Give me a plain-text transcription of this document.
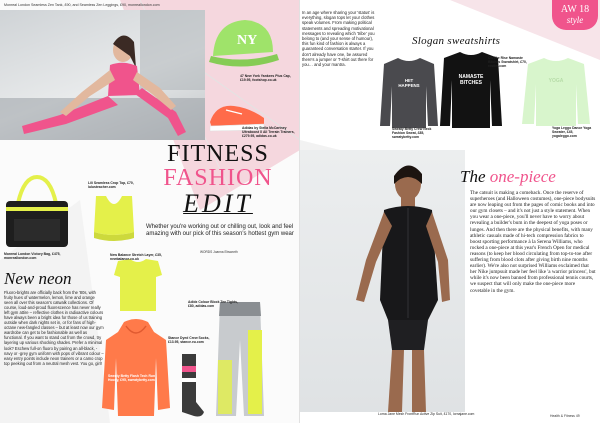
Monreal London Seamless Zen Tank, £90, and Seamless Zen Leggings, £90, monreallondon.com
NY
47 New York Yankees Plus Cap, £19.95, footshop.co.uk
Adidas by Stella McCartney Ultraboost X All Terrain Trainers, £279.95, adidas.co.uk
Monreal London Victory Bag, £475, monreallondon.com
Lili Seamless Crop Top, £70, lulusteacher.com
FITNESS
FASHION
EDIT
Whether you're working out or chilling out, look and feel amazing with our pick of this season's hottest gym wear
WORDS Joanna Ebsworth
New Balance Stretch Layer, £35, newbalance.co.uk
Adidx Colour Block Tee Tights, £80, adidas.com
Stance Dyed Crew Socks, £13.95, stance.eu.com
Sweaty Betty Flash Tech Run Hoody, £95, sweatybetty.com
New neon
Fluoro-brights are officially back from the '80s, with fruity hues of watermelon, lemon, lime and orange seen all over this season's catwalk collections. Of course, loud-and-proud fluorescence has never really left gym attire – reflective clothes in radioactive colours have always been a bright idea for those of us training outside when dark nights set in, or for fans of high-octane new-fangled classes – but at least now our gym wardrobe can get to be fashionable as well as functional. If you want to stand out from the crowd, try layering up various shocking shades. Prefer a minimal look? Eschew full-on fluoro by pairing an all-black, -navy or -grey gym uniform with pops of vibrant colour – easy entry points include neon trainers or a camo crop top peeking out from a neutral mesh vest. You go, girl!
AW 18
style
In an age where sharing your 'status' is everything, slogan tops let your clothes speak volumes. From making political statements and spreading motivational messages to revealing which 'tribe' you belong to (and your sense of humour), this fun kind of fashion is always a guaranteed conversation starter. If you don't already have one, be assured there's a jumper or T-shirt out there for you… and your mantra.
Slogan sweatshirts
HIIT HAPPENS
Sweaty Betty Crew Neck Fashion Sweat, £85, sweatybetty.com
NAMASTE BITCHES
On The Rise Namaste Bitches Sweatshirt, £70, rostler.com
YOGA
Yoga Leggo Dance Yoga Sweater, £45, yogaleggo.com
Lorna Jane Mesh FrontRun Active Zip Suit, £170, lornajane.com
The one-piece
The catsuit is making a comeback. Once the reserve of superheroes (and Halloween costumes), one-piece bodysuits are now leaping out from the pages of comic books and into our gym closets – and it's not just a style statement. When you wear a one-piece, you'll never have to worry about revealing a builder's bum in the deepest of yoga poses or lunges. And then there are the physical benefits, with many athletic casuals made of hi-tech compression fabrics to boost sporting performance à la Serena Williams, who rocked a one-piece at this year's French Open for medical reasons (to keep her blood circulating from top-to-toe after suffering from blood clots after giving birth nine months earlier). We're also not surprised Williams exclaimed that her Nike jumpsuit made her feel like 'a warrior princess', but while it's now been banned from professional tennis courts, we suspect that will only make the one-piece more covetable in the gym.
Health & Fitness 49
